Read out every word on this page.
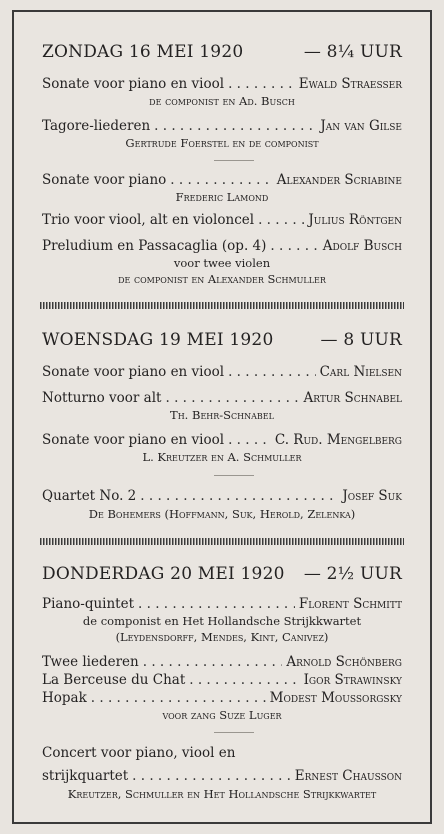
ZONDAG 16 MEI 1920	— 8¼ UUR
Sonate voor piano en viool . . .	Ewald Straesser
de componist en Ad. Busch
Tagore-liederen . . .	Jan van Gilse
Gertrude Foerstel en de componist
Sonate voor piano . . .	Alexander Scriabine
Frederic Lamond
Trio voor viool, alt en violoncel . . .	Julius Röntgen
Preludium en Passacaglia (op. 4) . . .	Adolf Busch
voor twee violen
de componist en Alexander Schmuller
WOENSDAG 19 MEI 1920	— 8 UUR
Sonate voor piano en viool . . .	Carl Nielsen
Notturno voor alt . . .	Artur Schnabel
Th. Behr-Schnabel
Sonate voor piano en viool . . .	C. Rud. Mengelberg
L. Kreutzer en A. Schmuller
Quartet No. 2 . . .	Josef Suk
De Bohemers (Hoffmann, Suk, Herold, Zelenka)
DONDERDAG 20 MEI 1920 — 2½ UUR
Piano-quintet . . .	Florent Schmitt
de componist en Het Hollandsche Strijkkwartet
(Leydensdorff, Mendes, Kint, Canivez)
Twee liederen . . .	Arnold Schönberg
La Berceuse du Chat . . .	Igor Strawinsky
Hopak . . .	Modest Moussorgsky
voor zang Suze Luger
Concert voor piano, viool en
strijkquartet . . .	Ernest Chausson
Kreutzer, Schmuller en Het Hollandsche Strijkkwartet
